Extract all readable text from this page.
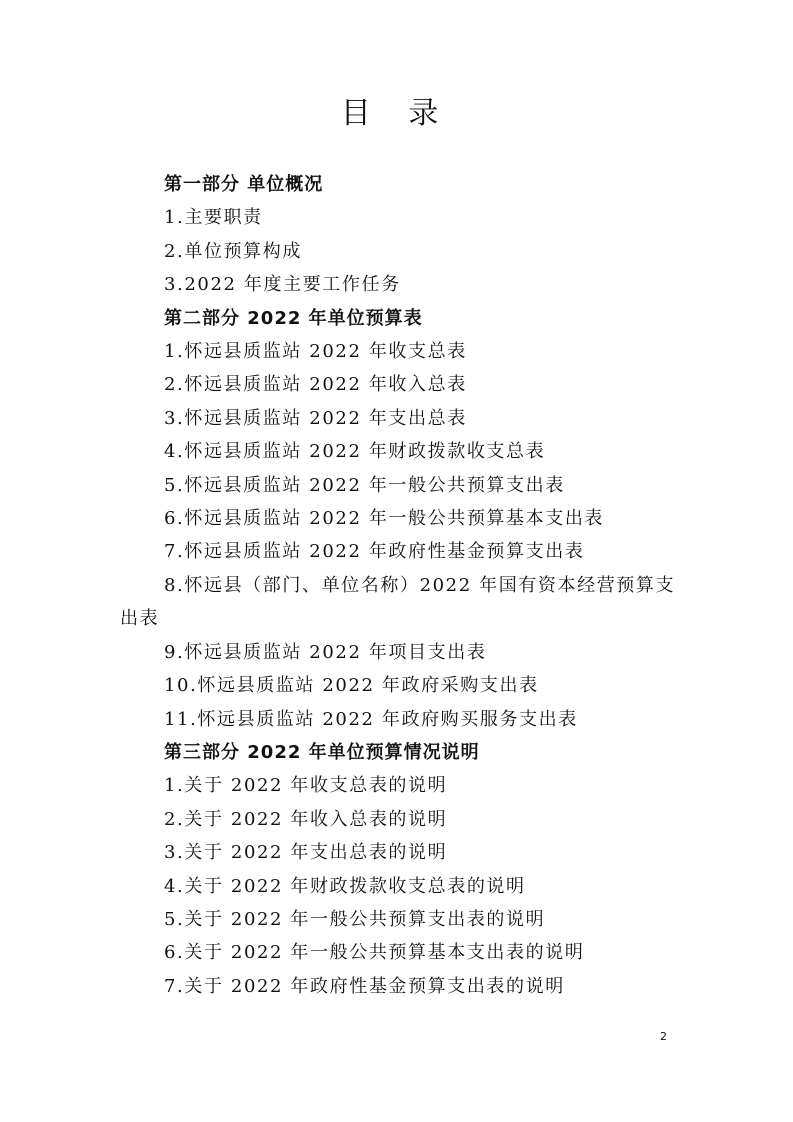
目 录
第一部分 单位概况
1.主要职责
2.单位预算构成
3.2022 年度主要工作任务
第二部分 2022 年单位预算表
1.怀远县质监站 2022 年收支总表
2.怀远县质监站 2022 年收入总表
3.怀远县质监站 2022 年支出总表
4.怀远县质监站 2022 年财政拨款收支总表
5.怀远县质监站 2022 年一般公共预算支出表
6.怀远县质监站 2022 年一般公共预算基本支出表
7.怀远县质监站 2022 年政府性基金预算支出表
8.怀远县（部门、单位名称）2022 年国有资本经营预算支出表
9.怀远县质监站 2022 年项目支出表
10.怀远县质监站 2022 年政府采购支出表
11.怀远县质监站 2022 年政府购买服务支出表
第三部分 2022 年单位预算情况说明
1.关于 2022 年收支总表的说明
2.关于 2022 年收入总表的说明
3.关于 2022 年支出总表的说明
4.关于 2022 年财政拨款收支总表的说明
5.关于 2022 年一般公共预算支出表的说明
6.关于 2022 年一般公共预算基本支出表的说明
7.关于 2022 年政府性基金预算支出表的说明
2
